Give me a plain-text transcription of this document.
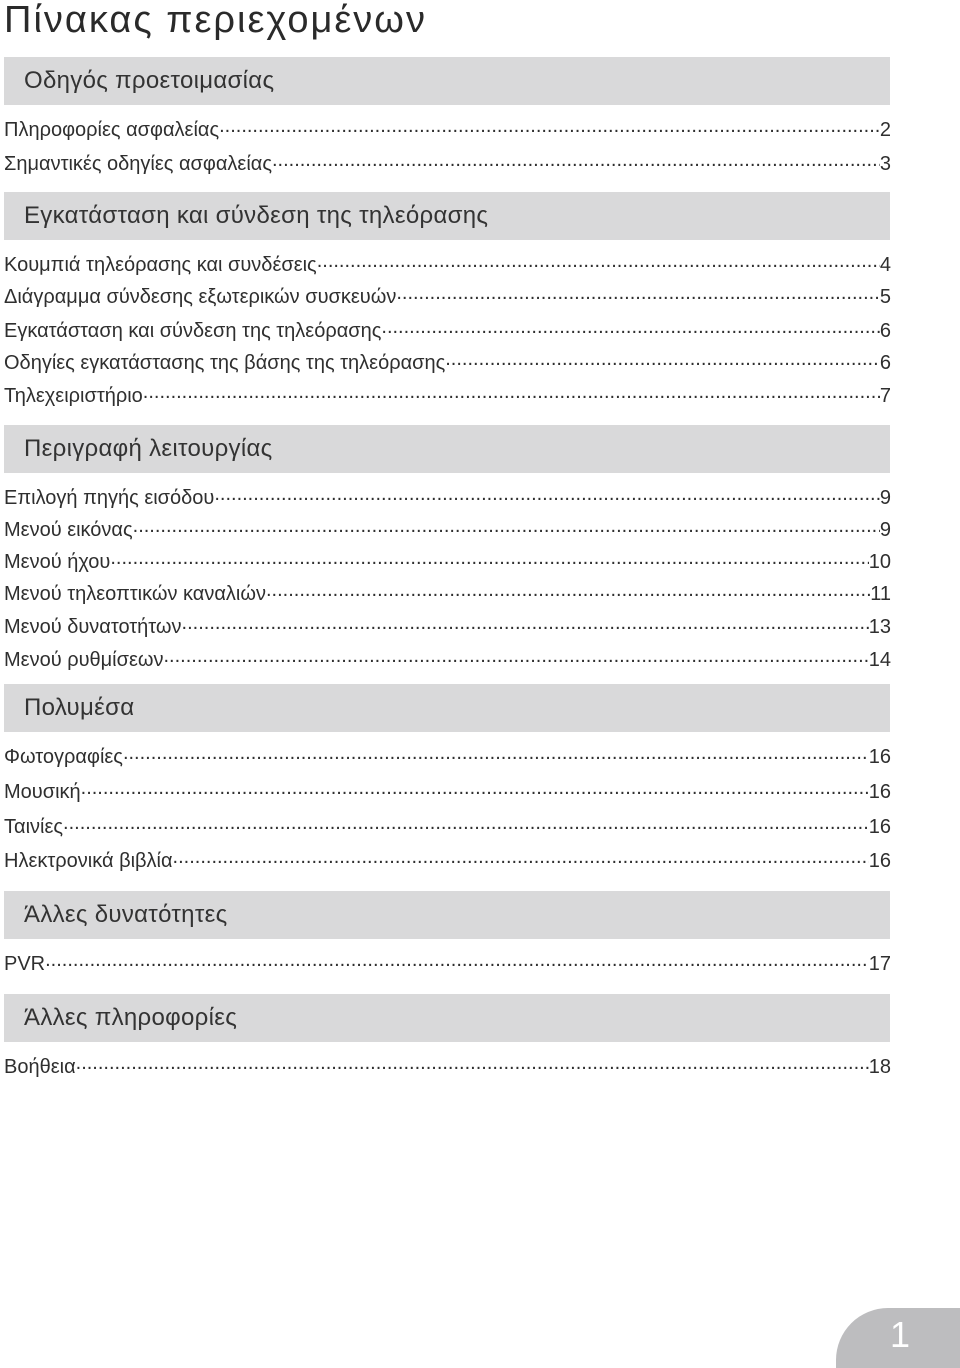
Πίνακας περιεχομένων
Οδηγός προετοιμασίας
Πληροφορίες ασφαλείας .....	2
Σημαντικές οδηγίες ασφαλείας .....	3
Εγκατάσταση και σύνδεση της τηλεόρασης
Κουμπιά τηλεόρασης και συνδέσεις .....	4
Διάγραμμα σύνδεσης εξωτερικών συσκευών .....	5
Εγκατάσταση και σύνδεση της τηλεόρασης .....	6
Οδηγίες εγκατάστασης της βάσης της τηλεόρασης .....	6
Τηλεχειριστήριο .....	7
Περιγραφή λειτουργίας
Επιλογή πηγής εισόδου .....	9
Μενού εικόνας .....	9
Μενού ήχου .....	10
Μενού τηλεοπτικών καναλιών .....	11
Μενού δυνατοτήτων .....	13
Μενού ρυθμίσεων .....	14
Πολυμέσα
Φωτογραφίες .....	16
Μουσική .....	16
Ταινίες .....	16
Ηλεκτρονικά βιβλία .....	16
Άλλες δυνατότητες
PVR .....	17
Άλλες πληροφορίες
Βοήθεια .....	18
1
